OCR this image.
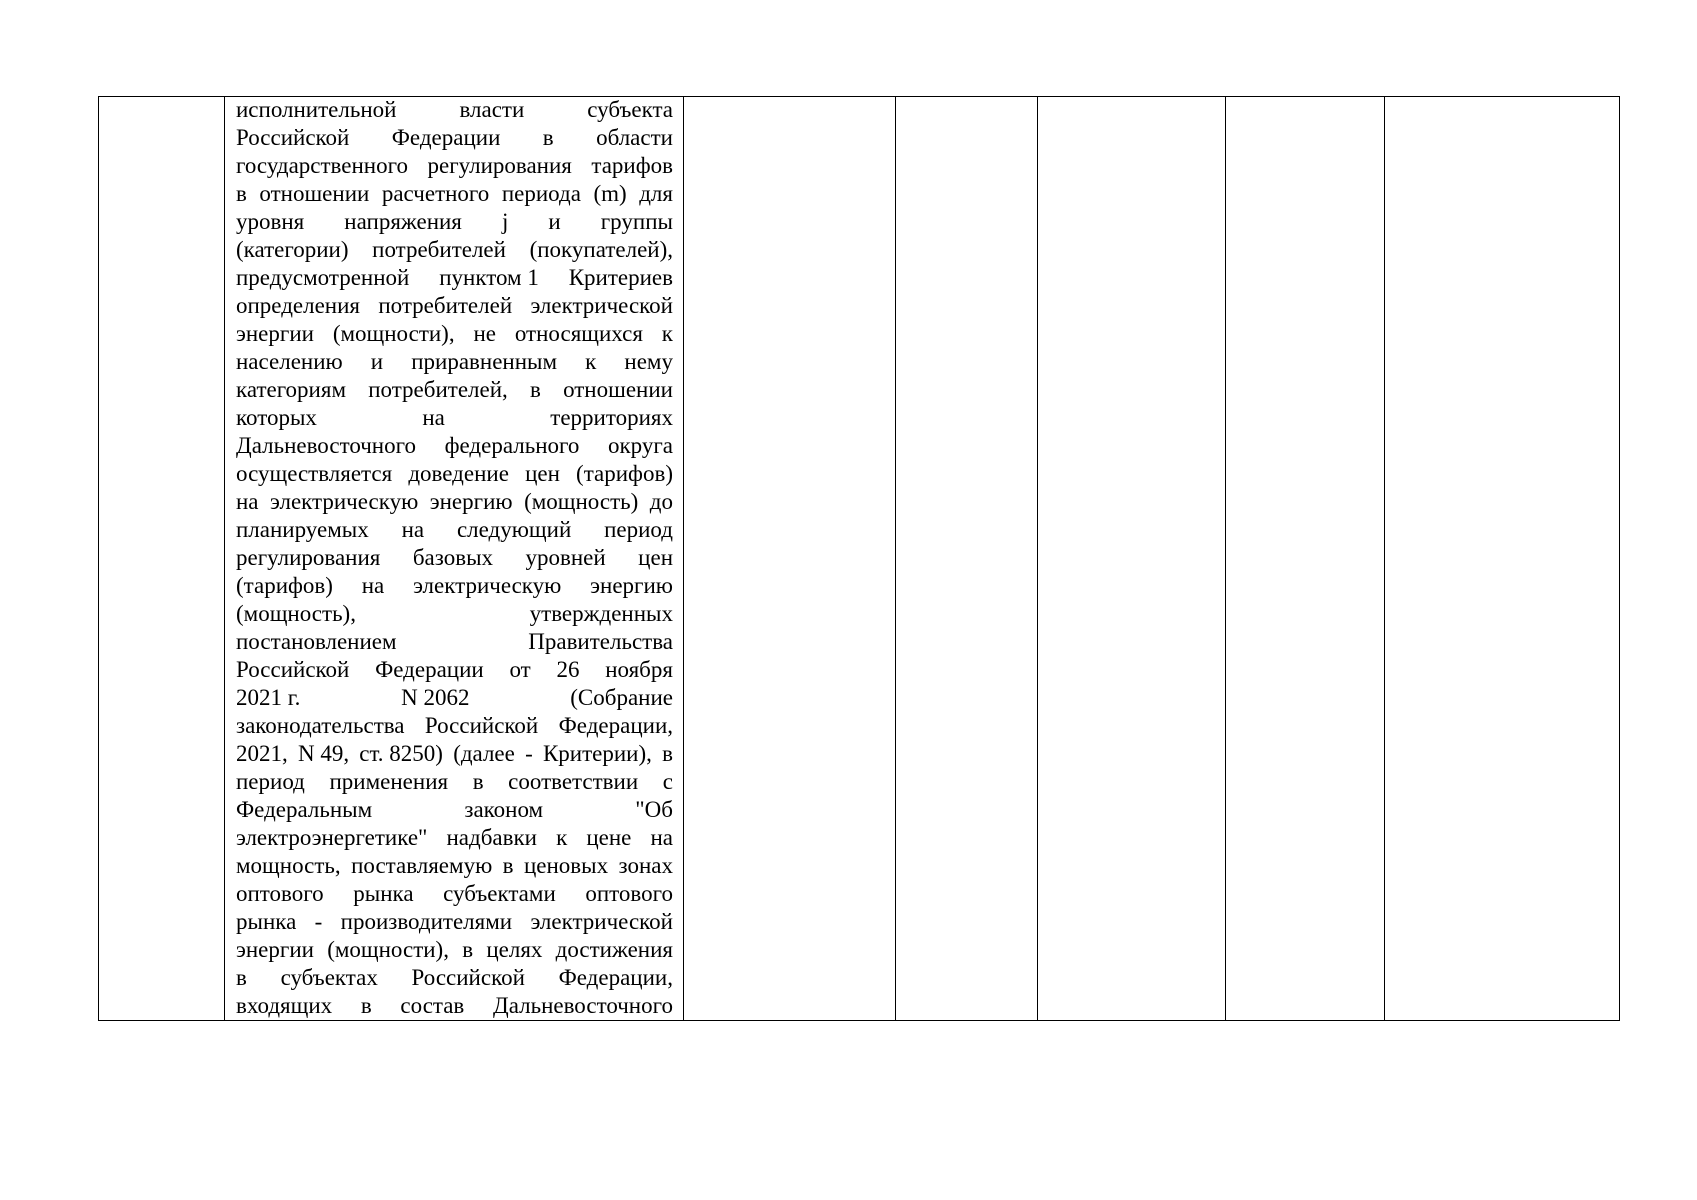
исполнительной	власти	субъекта
Российской Федерации в области
государственного регулирования тарифов
в отношении расчетного периода (m) для
уровня напряжения j и группы
(категории) потребителей (покупателей),
предусмотренной пунктом 1 Критериев
определения потребителей электрической
энергии (мощности), не относящихся к
населению и приравненным к нему
категориям потребителей, в отношении
которых	на	территориях
Дальневосточного федерального округа
осуществляется доведение цен (тарифов)
на электрическую энергию (мощность) до
планируемых на следующий период
регулирования базовых уровней цен
(тарифов) на электрическую энергию
(мощность),	утвержденных
постановлением	Правительства
Российской Федерации от 26 ноября
2021 г.	N 2062	(Собрание
законодательства Российской Федерации,
2021, N 49, ст. 8250) (далее - Критерии), в
период применения в соответствии с
Федеральным	законом	"Об
электроэнергетике" надбавки к цене на
мощность, поставляемую в ценовых зонах
оптового рынка субъектами оптового
рынка - производителями электрической
энергии (мощности), в целях достижения
в субъектах Российской Федерации,
входящих в состав Дальневосточного
